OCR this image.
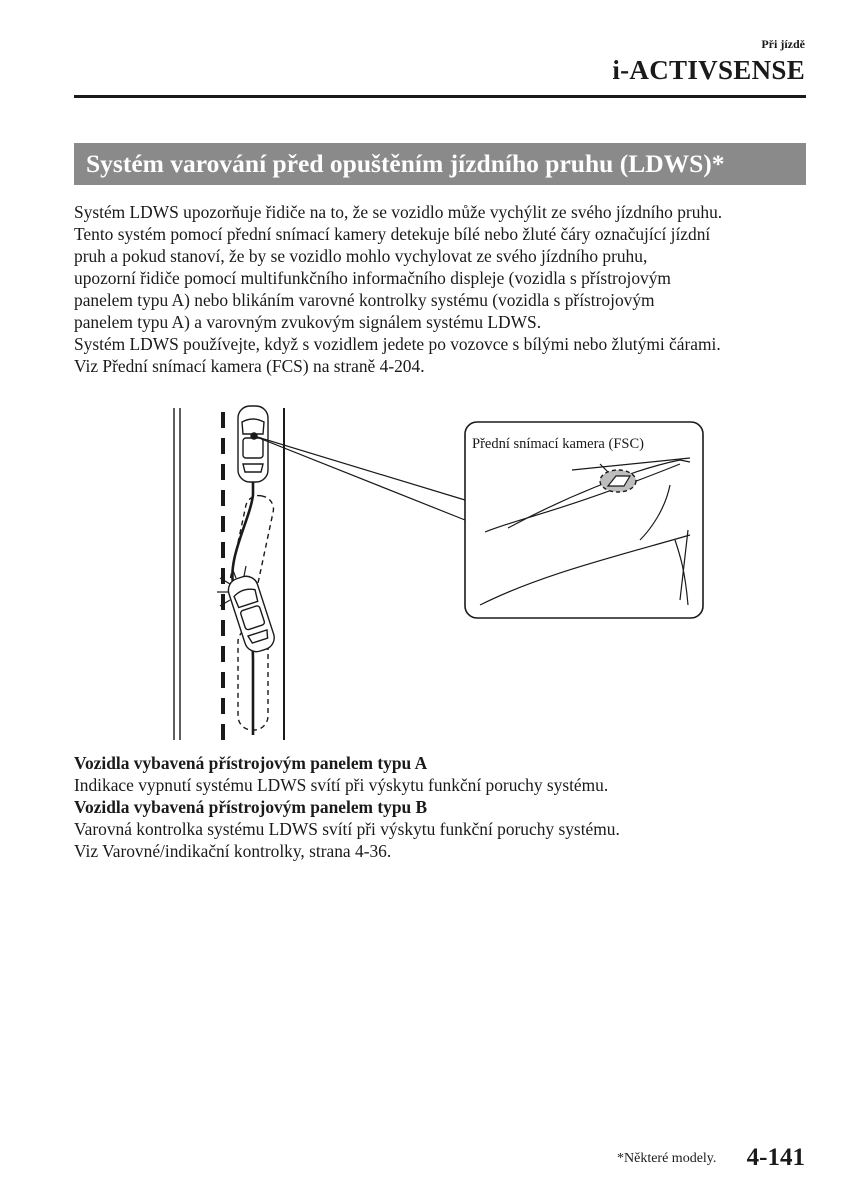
Při jízdě
i-ACTIVSENSE
Systém varování před opuštěním jízdního pruhu (LDWS)*

Systém LDWS upozorňuje řidiče na to, že se vozidlo může vychýlit ze svého jízdního pruhu.

Tento systém pomocí přední snímací kamery detekuje bílé nebo žluté čáry označující jízdní

pruh a pokud stanoví, že by se vozidlo mohlo vychylovat ze svého jízdního pruhu,

upozorní řidiče pomocí multifunkčního informačního displeje (vozidla s přístrojovým

panelem typu A) nebo blikáním varovné kontrolky systému (vozidla s přístrojovým

panelem typu A) a varovným zvukovým signálem systému LDWS.

Systém LDWS používejte, když s vozidlem jedete po vozovce s bílými nebo žlutými čárami.

Viz Přední snímací kamera (FCS) na straně 4-204.

Přední snímací kamera (FSC)

Vozidla vybavená přístrojovým panelem typu A

Indikace vypnutí systému LDWS svítí při výskytu funkční poruchy systému.

Vozidla vybavená přístrojovým panelem typu B

Varovná kontrolka systému LDWS svítí při výskytu funkční poruchy systému.

Viz Varovné/indikační kontrolky, strana 4-36.

*Některé modely. 4-141
